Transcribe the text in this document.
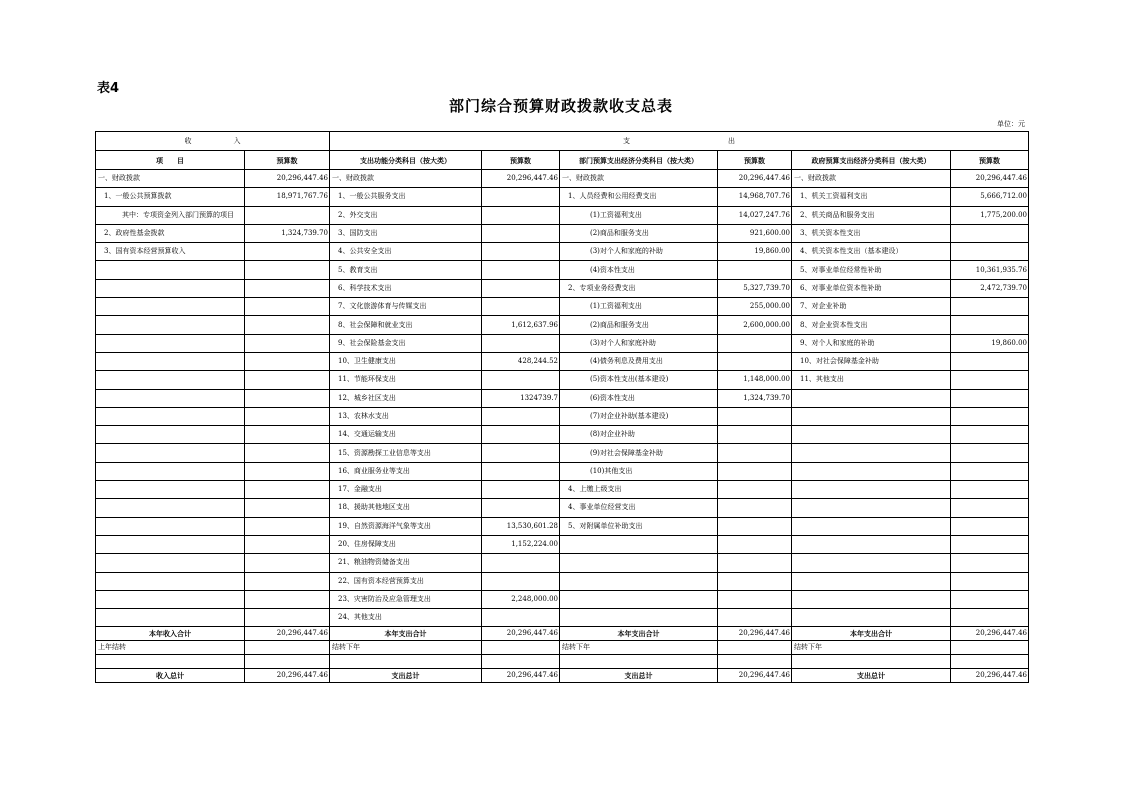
表4
部门综合预算财政拨款收支总表
单位：元
收　　　　　　入		支　　　　　　　　　　　　　　出					
项　　目	预算数	支出功能分类科目（按大类）	预算数	部门预算支出经济分类科目（按大类）	预算数	政府预算支出经济分类科目（按大类）	预算数
一、财政拨款	20,296,447.46	一、财政拨款	20,296,447.46	一、财政拨款	20,296,447.46	一、财政拨款	20,296,447.46
1、一般公共预算拨款	18,971,767.76	1、一般公共服务支出		1、人员经费和公用经费支出	14,968,707.76	1、机关工资福利支出	5,666,712.00
其中：专项资金列入部门预算的项目		2、外交支出		(1)工资福利支出	14,027,247.76	2、机关商品和服务支出	1,775,200.00
2、政府性基金拨款	1,324,739.70	3、国防支出		(2)商品和服务支出	921,600.00	3、机关资本性支出	
3、国有资本经营预算收入		4、公共安全支出		(3)对个人和家庭的补助	19,860.00	4、机关资本性支出（基本建设）	
		5、教育支出		(4)资本性支出		5、对事业单位经常性补助	10,361,935.76
		6、科学技术支出		2、专项业务经费支出	5,327,739.70	6、对事业单位资本性补助	2,472,739.70
		7、文化旅游体育与传媒支出		(1)工资福利支出	255,000.00	7、对企业补助	
		8、社会保障和就业支出	1,612,637.96	(2)商品和服务支出	2,600,000.00	8、对企业资本性支出	
		9、社会保险基金支出		(3)对个人和家庭补助		9、对个人和家庭的补助	19,860.00
		10、卫生健康支出	428,244.52	(4)债务利息及费用支出		10、对社会保障基金补助	
		11、节能环保支出		(5)资本性支出(基本建设)	1,148,000.00	11、其他支出	
		12、城乡社区支出	1324739.7	(6)资本性支出	1,324,739.70		
		13、农林水支出		(7)对企业补助(基本建设)			
		14、交通运输支出		(8)对企业补助			
		15、资源勘探工业信息等支出		(9)对社会保障基金补助			
		16、商业服务业等支出		(10)其他支出			
		17、金融支出		4、上缴上级支出			
		18、援助其他地区支出		4、事业单位经营支出			
		19、自然资源海洋气象等支出	13,530,601.28	5、对附属单位补助支出			
		20、住房保障支出	1,152,224.00				
		21、粮油物资储备支出					
		22、国有资本经营预算支出					
		23、灾害防治及应急管理支出	2,248,000.00				
		24、其他支出					
本年收入合计	20,296,447.46	本年支出合计	20,296,447.46	本年支出合计	20,296,447.46	本年支出合计	20,296,447.46
上年结转		结转下年		结转下年		结转下年	

收入总计	20,296,447.46	支出总计	20,296,447.46	支出总计	20,296,447.46	支出总计	20,296,447.46
